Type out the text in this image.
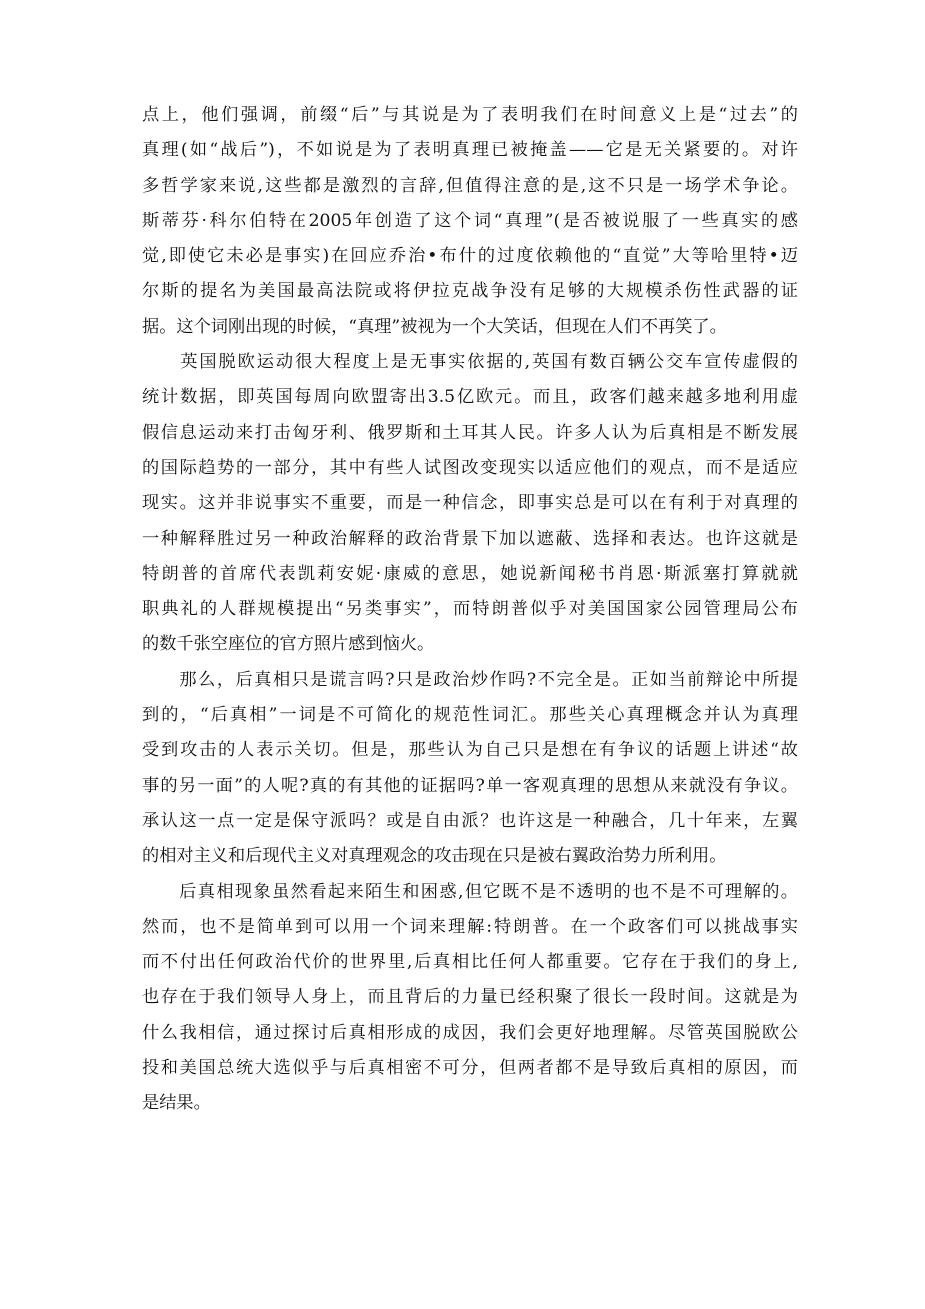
点上，他们强调，前缀“后”与其说是为了表明我们在时间意义上是“过去”的
真理(如“战后”)，不如说是为了表明真理已被掩盖——它是无关紧要的。对许
多哲学家来说,这些都是激烈的言辞,但值得注意的是,这不只是一场学术争论。
斯蒂芬·科尔伯特在2005年创造了这个词“真理”(是否被说服了一些真实的感
觉,即使它未必是事实)在回应乔治•布什的过度依赖他的“直觉”大等哈里特•迈
尔斯的提名为美国最高法院或将伊拉克战争没有足够的大规模杀伤性武器的证
据。这个词刚出现的时候，“真理”被视为一个大笑话，但现在人们不再笑了。
　　英国脱欧运动很大程度上是无事实依据的,英国有数百辆公交车宣传虚假的
统计数据，即英国每周向欧盟寄出3.5亿欧元。而且，政客们越来越多地利用虚
假信息运动来打击匈牙利、俄罗斯和土耳其人民。许多人认为后真相是不断发展
的国际趋势的一部分，其中有些人试图改变现实以适应他们的观点，而不是适应
现实。这并非说事实不重要，而是一种信念，即事实总是可以在有利于对真理的
一种解释胜过另一种政治解释的政治背景下加以遮蔽、选择和表达。也许这就是
特朗普的首席代表凯莉安妮·康威的意思，她说新闻秘书肖恩·斯派塞打算就就
职典礼的人群规模提出“另类事实”，而特朗普似乎对美国国家公园管理局公布
的数千张空座位的官方照片感到恼火。
　　那么，后真相只是谎言吗?只是政治炒作吗?不完全是。正如当前辩论中所提
到的，“后真相”一词是不可简化的规范性词汇。那些关心真理概念并认为真理
受到攻击的人表示关切。但是，那些认为自己只是想在有争议的话题上讲述“故
事的另一面”的人呢?真的有其他的证据吗?单一客观真理的思想从来就没有争议。
承认这一点一定是保守派吗？或是自由派？也许这是一种融合，几十年来，左翼
的相对主义和后现代主义对真理观念的攻击现在只是被右翼政治势力所利用。
　　后真相现象虽然看起来陌生和困惑,但它既不是不透明的也不是不可理解的。
然而，也不是简单到可以用一个词来理解:特朗普。在一个政客们可以挑战事实
而不付出任何政治代价的世界里,后真相比任何人都重要。它存在于我们的身上,
也存在于我们领导人身上，而且背后的力量已经积聚了很长一段时间。这就是为
什么我相信，通过探讨后真相形成的成因，我们会更好地理解。尽管英国脱欧公
投和美国总统大选似乎与后真相密不可分，但两者都不是导致后真相的原因，而
是结果。
